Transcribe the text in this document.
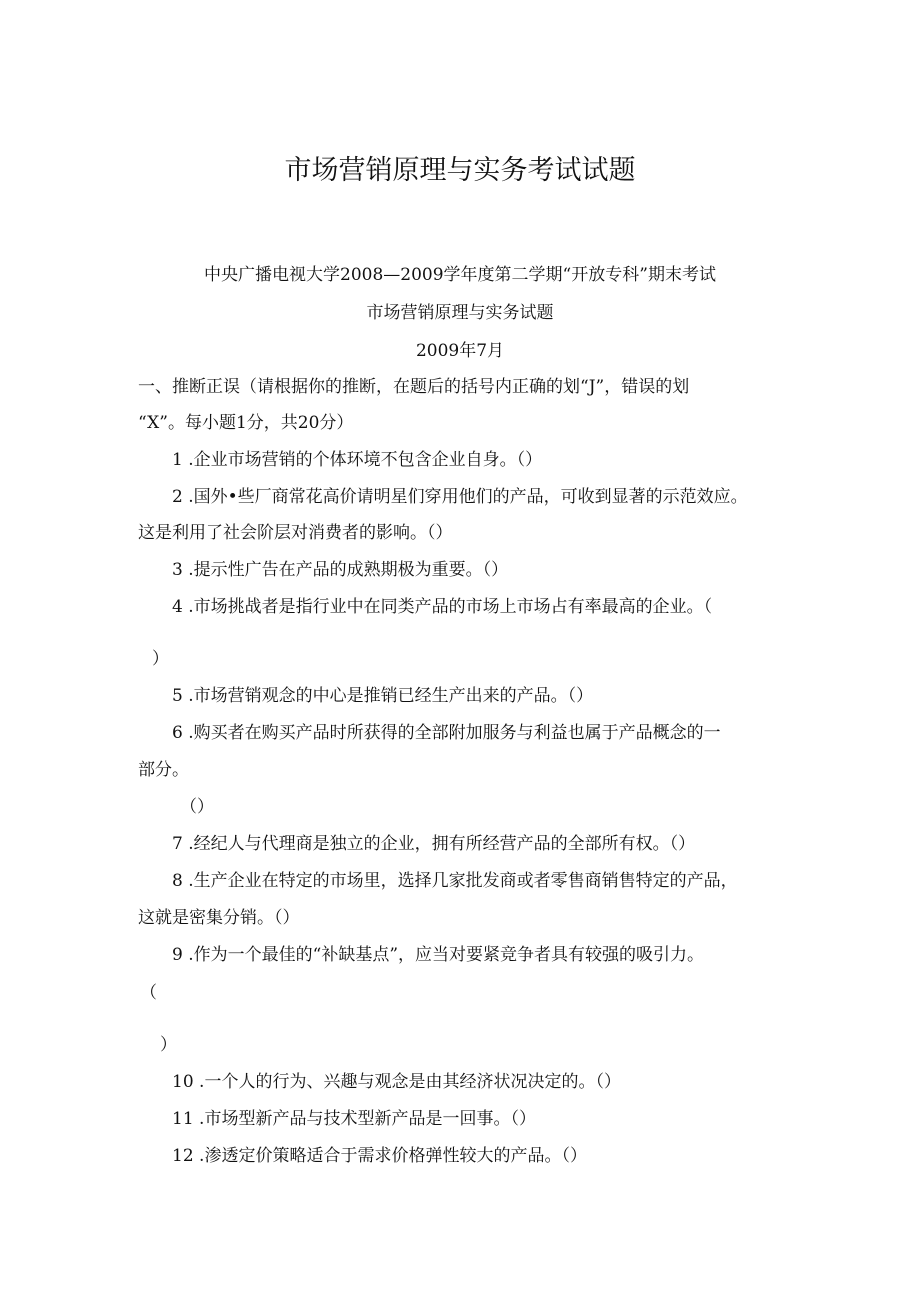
市场营销原理与实务考试试题
中央广播电视大学2008—2009学年度第二学期“开放专科”期末考试
市场营销原理与实务试题
2009年7月
一、推断正误（请根据你的推断，在题后的括号内正确的划“J”，错误的划
“X”。每小题1分，共20分）
1 .企业市场营销的个体环境不包含企业自身。（）
2 .国外•些厂商常花高价请明星们穿用他们的产品，可收到显著的示范效应。
这是利用了社会阶层对消费者的影响。（）
3 .提示性广告在产品的成熟期极为重要。（）
4 .市场挑战者是指行业中在同类产品的市场上市场占有率最高的企业。（
）
5 .市场营销观念的中心是推销已经生产出来的产品。（）
6 .购买者在购买产品时所获得的全部附加服务与利益也属于产品概念的一
部分。
（）
7 .经纪人与代理商是独立的企业，拥有所经营产品的全部所有权。（）
8 .生产企业在特定的市场里，选择几家批发商或者零售商销售特定的产品，
这就是密集分销。（）
9 .作为一个最佳的“补缺基点”，应当对要紧竞争者具有较强的吸引力。
（
）
10 .一个人的行为、兴趣与观念是由其经济状况决定的。（）
11 .市场型新产品与技术型新产品是一回事。（）
12 .渗透定价策略适合于需求价格弹性较大的产品。（）
